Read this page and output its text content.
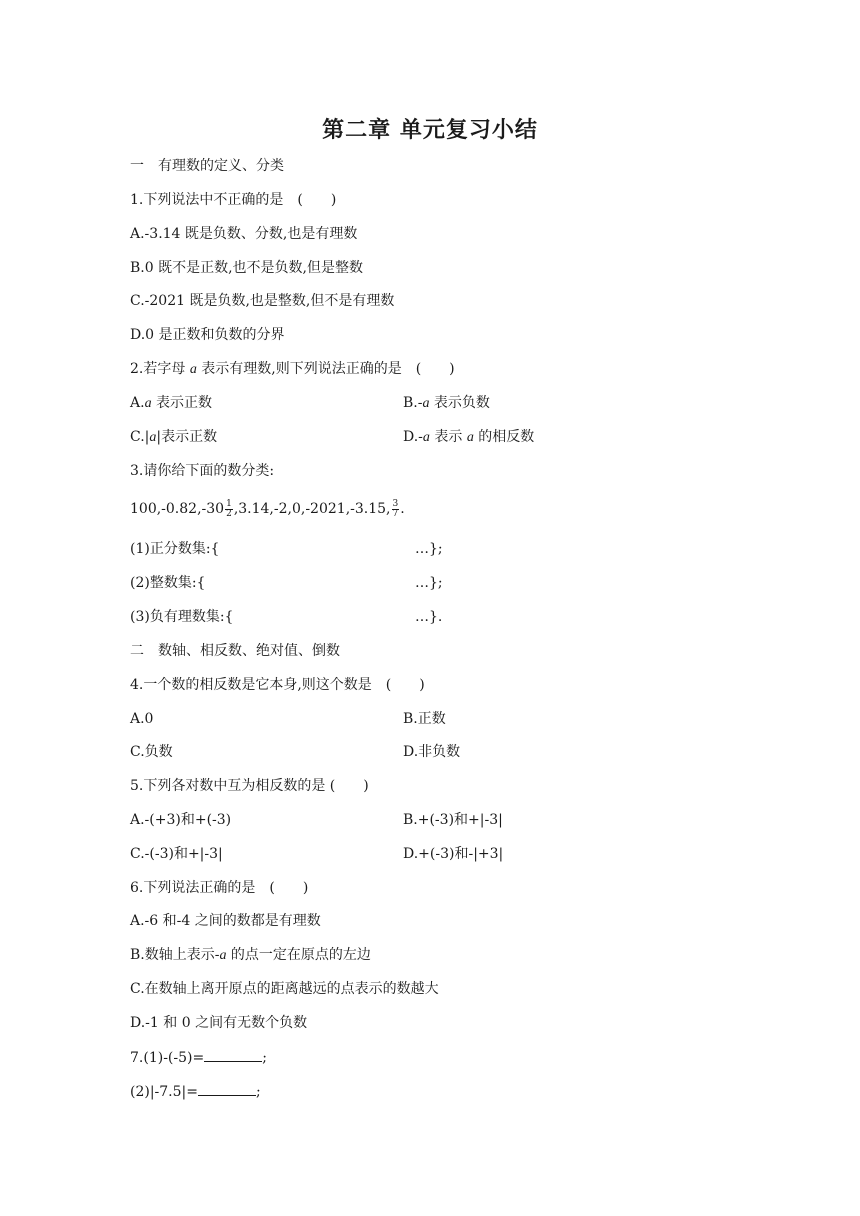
第二章 单元复习小结
一　有理数的定义、分类
1.下列说法中不正确的是　(　　)
A.-3.14 既是负数、分数,也是有理数
B.0 既不是正数,也不是负数,但是整数
C.-2021 既是负数,也是整数,但不是有理数
D.0 是正数和负数的分界
2.若字母 a 表示有理数,则下列说法正确的是　(　　)
A.a 表示正数	B.-a 表示负数
C.|a|表示正数	D.-a 表示 a 的相反数
3.请你给下面的数分类:
$100,-0.82,-30 \frac{1}{2} ,3.14,-2,0,-2021,-3.15$, $\frac{3}{7}$ .
(1)正分数集:{	…};
(2)整数集:{	…};
(3)负有理数集:{	…}.
二　数轴、相反数、绝对值、倒数
4.一个数的相反数是它本身,则这个数是　(　　)
A.0	B.正数
C.负数	D.非负数
5.下列各对数中互为相反数的是 (　　)
A.-(+3)和+(-3)	B.+(-3)和+|-3|
C.-(-3)和+|-3|	D.+(-3)和-|+3|
6.下列说法正确的是　(　　)
A.-6 和-4 之间的数都是有理数
B.数轴上表示-a 的点一定在原点的左边
C.在数轴上离开原点的距离越远的点表示的数越大
D.-1 和 0 之间有无数个负数
7.(1)-(-5)=	;
(2)|-7.5|=	;
